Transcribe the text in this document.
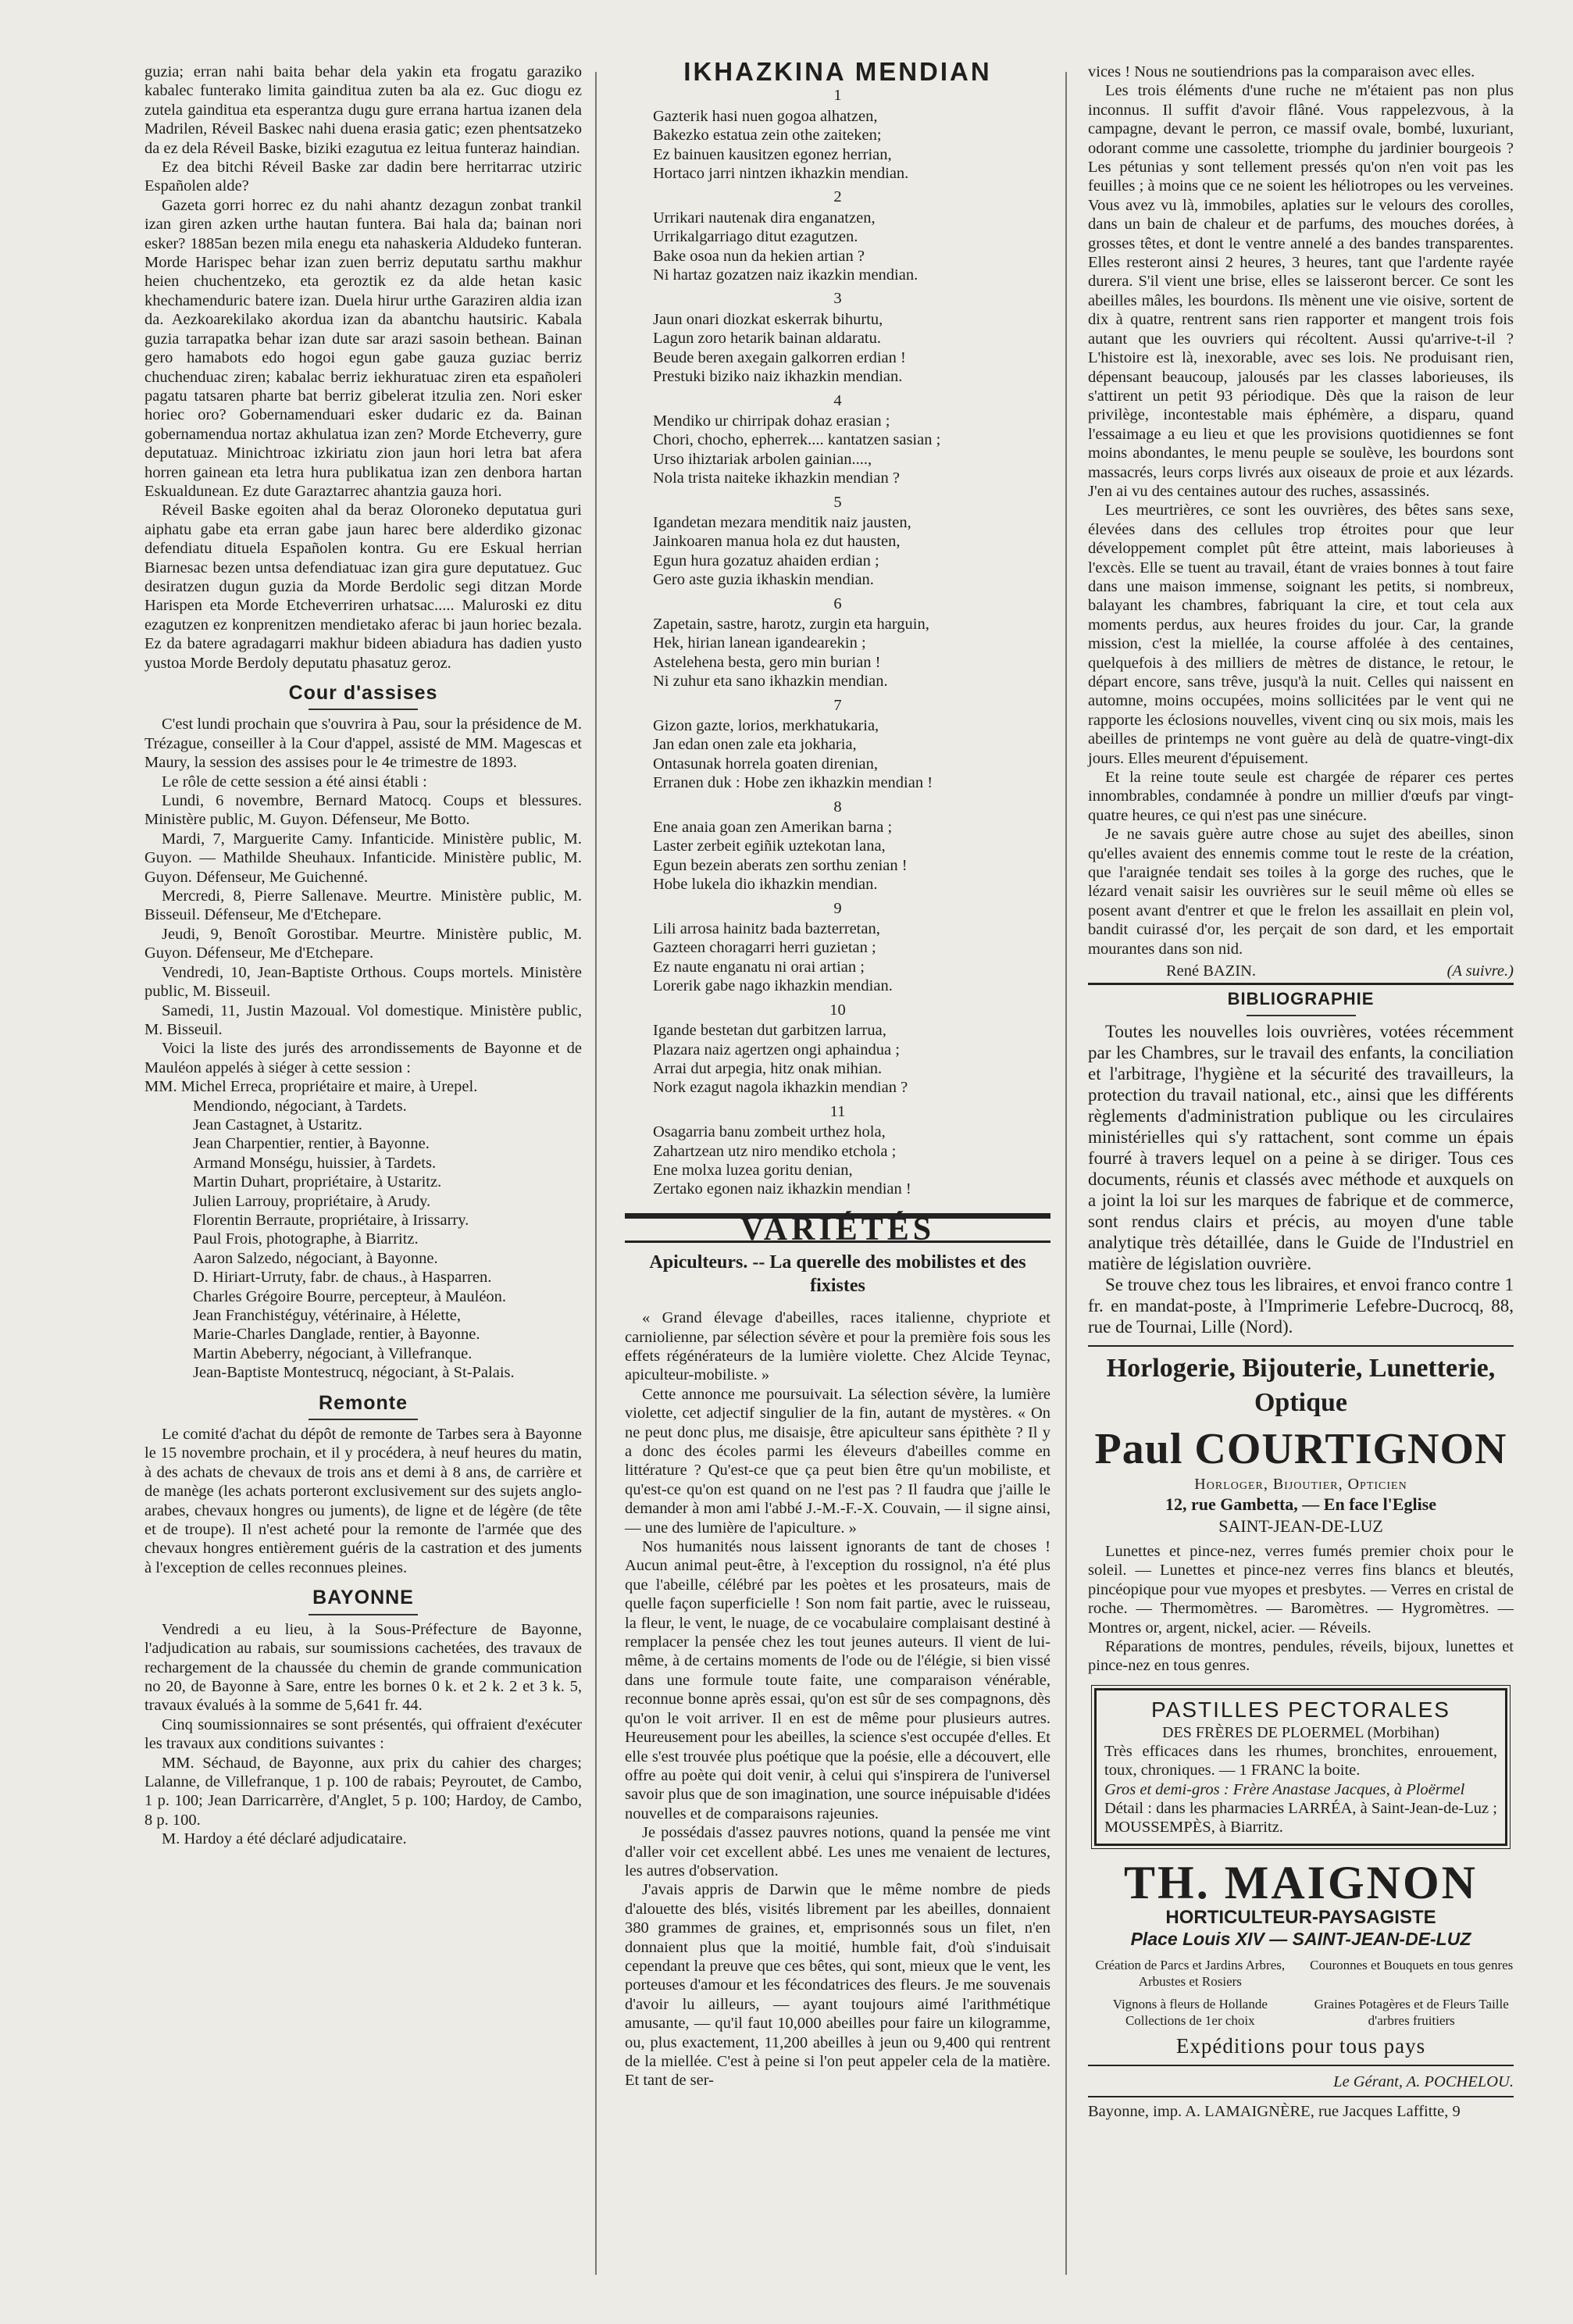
guzia; erran nahi baita behar dela yakin eta frogatu garaziko kabalec funterako limita gainditua zuten ba ala ez. Guc diogu ez zutela gainditua eta esperantza dugu gure errana hartua izanen dela Madrilen, Réveil Baskec nahi duena erasia gatic; ezen phentsatzeko da ez dela Réveil Baske, biziki ezagutua ez leitua funteraz haindian.

Ez dea bitchi Réveil Baske zar dadin bere herritarrac utziric Españolen alde?

Gazeta gorri horrec ez du nahi ahantz dezagun zonbat trankil izan giren azken urthe hautan funtera. Bai hala da; bainan nori esker? 1885an bezen mila enegu eta nahaskeria Aldudeko funteran. Morde Harispec behar izan zuen berriz deputatu sarthu makhur heien chuchentzeko, eta geroztik ez da alde hetan kasic khechamenduric batere izan. Duela hirur urthe Garaziren aldia izan da. Aezkoarekilako akordua izan da abantchu hautsiric. Kabala guzia tarrapatka behar izan dute sar arazi sasoin bethean. Bainan gero hamabots edo hogoi egun gabe gauza guziac berriz chuchenduac ziren; kabalac berriz iekhuratuac ziren eta españoleri pagatu tatsaren pharte bat berriz gibelerat itzulia zen. Nori esker horiec oro? Gobernamenduari esker dudaric ez da. Bainan gobernamendua nortaz akhulatua izan zen? Morde Etcheverry, gure deputatuaz. Minichtroac izkiriatu zion jaun hori letra bat afera horren gainean eta letra hura publikatua izan zen denbora hartan Eskualdunean. Ez dute Garaztarrec ahantzia gauza hori.

Réveil Baske egoiten ahal da beraz Oloroneko deputatua guri aiphatu gabe eta erran gabe jaun harec bere alderdiko gizonac defendiatu dituela Españolen kontra. Gu ere Eskual herrian Biarnesac bezen untsa defendiatuac izan gira gure deputatuez. Guc desiratzen dugun guzia da Morde Berdolic segi ditzan Morde Harispen eta Morde Etcheverriren urhatsac..... Maluroski ez ditu ezagutzen ez konprenitzen mendietako aferac bi jaun horiec bezala. Ez da batere agradagarri makhur bideen abiadura has dadien yusto yustoa Morde Berdoly deputatu phasatuz geroz.

Cour d'assises

C'est lundi prochain que s'ouvrira à Pau, sour la présidence de M. Trézague, conseiller à la Cour d'appel, assisté de MM. Magescas et Maury, la session des assises pour le 4e trimestre de 1893.

Le rôle de cette session a été ainsi établi :

Lundi, 6 novembre, Bernard Matocq. Coups et blessures. Ministère public, M. Guyon. Défenseur, Me Botto.

Mardi, 7, Marguerite Camy. Infanticide. Ministère public, M. Guyon. — Mathilde Sheuhaux. Infanticide. Ministère public, M. Guyon. Défenseur, Me Guichenné.

Mercredi, 8, Pierre Sallenave. Meurtre. Ministère public, M. Bisseuil. Défenseur, Me d'Etchepare.

Jeudi, 9, Benoît Gorostibar. Meurtre. Ministère public, M. Guyon. Défenseur, Me d'Etchepare.

Vendredi, 10, Jean-Baptiste Orthous. Coups mortels. Ministère public, M. Bisseuil.

Samedi, 11, Justin Mazoual. Vol domestique. Ministère public, M. Bisseuil.

Voici la liste des jurés des arrondissements de Bayonne et de Mauléon appelés à siéger à cette session :

MM. Michel Erreca, propriétaire et maire, à Urepel.
Mendiondo, négociant, à Tardets.
Jean Castagnet, à Ustaritz.
Jean Charpentier, rentier, à Bayonne.
Armand Monségu, huissier, à Tardets.
Martin Duhart, propriétaire, à Ustaritz.
Julien Larrouy, propriétaire, à Arudy.
Florentin Berraute, propriétaire, à Irissarry.
Paul Frois, photographe, à Biarritz.
Aaron Salzedo, négociant, à Bayonne.
D. Hiriart-Urruty, fabr. de chaus., à Hasparren.
Charles Grégoire Bourre, percepteur, à Mauléon.
Jean Franchistéguy, vétérinaire, à Hélette,
Marie-Charles Danglade, rentier, à Bayonne.
Martin Abeberry, négociant, à Villefranque.
Jean-Baptiste Montestrucq, négociant, à St-Palais.
Remonte

Le comité d'achat du dépôt de remonte de Tarbes sera à Bayonne le 15 novembre prochain, et il y procédera, à neuf heures du matin, à des achats de chevaux de trois ans et demi à 8 ans, de carrière et de manège (les achats porteront exclusivement sur des sujets anglo-arabes, chevaux hongres ou juments), de ligne et de légère (de tête et de troupe). Il n'est acheté pour la remonte de l'armée que des chevaux hongres entièrement guéris de la castration et des juments à l'exception de celles reconnues pleines.

BAYONNE

Vendredi a eu lieu, à la Sous-Préfecture de Bayonne, l'adjudication au rabais, sur soumissions cachetées, des travaux de rechargement de la chaussée du chemin de grande communication no 20, de Bayonne à Sare, entre les bornes 0 k. et 2 k. 2 et 3 k. 5, travaux évalués à la somme de 5,641 fr. 44.

Cinq soumissionnaires se sont présentés, qui offraient d'exécuter les travaux aux conditions suivantes :

MM. Séchaud, de Bayonne, aux prix du cahier des charges; Lalanne, de Villefranque, 1 p. 100 de rabais; Peyroutet, de Cambo, 1 p. 100; Jean Darricarrère, d'Anglet, 5 p. 100; Hardoy, de Cambo, 8 p. 100.

M. Hardoy a été déclaré adjudicataire.

IKHAZKINA MENDIAN
1

Gazterik hasi nuen gogoa alhatzen,

Bakezko estatua zein othe zaiteken;

Ez bainuen kausitzen egonez herrian,

Hortaco jarri nintzen ikhazkin mendian.

2

Urrikari nautenak dira enganatzen,

Urrikalgarriago ditut ezagutzen.

Bake osoa nun da hekien artian ?

Ni hartaz gozatzen naiz ikazkin mendian.

3

Jaun onari diozkat eskerrak bihurtu,

Lagun zoro hetarik bainan aldaratu.

Beude beren axegain galkorren erdian !

Prestuki biziko naiz ikhazkin mendian.

4

Mendiko ur chirripak dohaz erasian ;

Chori, chocho, epherrek.... kantatzen sasian ;

Urso ihiztariak arbolen gainian....,

Nola trista naiteke ikhazkin mendian ?

5

Igandetan mezara menditik naiz jausten,

Jainkoaren manua hola ez dut hausten,

Egun hura gozatuz ahaiden erdian ;

Gero aste guzia ikhaskin mendian.

6

Zapetain, sastre, harotz, zurgin eta harguin,

Hek, hirian lanean igandearekin ;

Astelehena besta, gero min burian !

Ni zuhur eta sano ikhazkin mendian.

7

Gizon gazte, lorios, merkhatukaria,

Jan edan onen zale eta jokharia,

Ontasunak horrela goaten direnian,

Erranen duk : Hobe zen ikhazkin mendian !

8

Ene anaia goan zen Amerikan barna ;

Laster zerbeit egiñik uztekotan lana,

Egun bezein aberats zen sorthu zenian !

Hobe lukela dio ikhazkin mendian.

9

Lili arrosa hainitz bada bazterretan,

Gazteen choragarri herri guzietan ;

Ez naute enganatu ni orai artian ;

Lorerik gabe nago ikhazkin mendian.

10

Igande bestetan dut garbitzen larrua,

Plazara naiz agertzen ongi aphaindua ;

Arrai dut arpegia, hitz onak mihian.

Nork ezagut nagola ikhazkin mendian ?

11

Osagarria banu zombeit urthez hola,

Zahartzean utz niro mendiko etchola ;

Ene molxa luzea goritu denian,

Zertako egonen naiz ikhazkin mendian !

VARIÉTÉS
Apiculteurs. -- La querelle des mobilistes et des fixistes

« Grand élevage d'abeilles, races italienne, chypriote et carniolienne, par sélection sévère et pour la première fois sous les effets régénérateurs de la lumière violette. Chez Alcide Teynac, apiculteur-mobiliste. »

Cette annonce me poursuivait. La sélection sévère, la lumière violette, cet adjectif singulier de la fin, autant de mystères. « On ne peut donc plus, me disaisje, être apiculteur sans épithète ? Il y a donc des écoles parmi les éleveurs d'abeilles comme en littérature ? Qu'est-ce que ça peut bien être qu'un mobiliste, et qu'est-ce qu'on est quand on ne l'est pas ? Il faudra que j'aille le demander à mon ami l'abbé J.-M.-F.-X. Couvain, — il signe ainsi, — une des lumière de l'apiculture. »

Nos humanités nous laissent ignorants de tant de choses ! Aucun animal peut-être, à l'exception du rossignol, n'a été plus que l'abeille, célébré par les poètes et les prosateurs, mais de quelle façon superficielle ! Son nom fait partie, avec le ruisseau, la fleur, le vent, le nuage, de ce vocabulaire complaisant destiné à remplacer la pensée chez les tout jeunes auteurs. Il vient de lui-même, à de certains moments de l'ode ou de l'élégie, si bien vissé dans une formule toute faite, une comparaison vénérable, reconnue bonne après essai, qu'on est sûr de ses compagnons, dès qu'on le voit arriver. Il en est de même pour plusieurs autres. Heureusement pour les abeilles, la science s'est occupée d'elles. Et elle s'est trouvée plus poétique que la poésie, elle a découvert, elle offre au poète qui doit venir, à celui qui s'inspirera de l'universel savoir plus que de son imagination, une source inépuisable d'idées nouvelles et de comparaisons rajeunies.

Je possédais d'assez pauvres notions, quand la pensée me vint d'aller voir cet excellent abbé. Les unes me venaient de lectures, les autres d'observation.

J'avais appris de Darwin que le même nombre de pieds d'alouette des blés, visités librement par les abeilles, donnaient 380 grammes de graines, et, emprisonnés sous un filet, n'en donnaient plus que la moitié, humble fait, d'où s'induisait cependant la preuve que ces bêtes, qui sont, mieux que le vent, les porteuses d'amour et les fécondatrices des fleurs. Je me souvenais d'avoir lu ailleurs, — ayant toujours aimé l'arithmétique amusante, — qu'il faut 10,000 abeilles pour faire un kilogramme, ou, plus exactement, 11,200 abeilles à jeun ou 9,400 qui rentrent de la miellée. C'est à peine si l'on peut appeler cela de la matière. Et tant de ser-

vices ! Nous ne soutiendrions pas la comparaison avec elles.

Les trois éléments d'une ruche ne m'étaient pas non plus inconnus. Il suffit d'avoir flâné. Vous rappelezvous, à la campagne, devant le perron, ce massif ovale, bombé, luxuriant, odorant comme une cassolette, triomphe du jardinier bourgeois ? Les pétunias y sont tellement pressés qu'on n'en voit pas les feuilles ; à moins que ce ne soient les héliotropes ou les verveines. Vous avez vu là, immobiles, aplaties sur le velours des corolles, dans un bain de chaleur et de parfums, des mouches dorées, à grosses têtes, et dont le ventre annelé a des bandes transparentes. Elles resteront ainsi 2 heures, 3 heures, tant que l'ardente rayée durera. S'il vient une brise, elles se laisseront bercer. Ce sont les abeilles mâles, les bourdons. Ils mènent une vie oisive, sortent de dix à quatre, rentrent sans rien rapporter et mangent trois fois autant que les ouvriers qui récoltent. Aussi qu'arrive-t-il ? L'histoire est là, inexorable, avec ses lois. Ne produisant rien, dépensant beaucoup, jalousés par les classes laborieuses, ils s'attirent un petit 93 périodique. Dès que la raison de leur privilège, incontestable mais éphémère, a disparu, quand l'essaimage a eu lieu et que les provisions quotidiennes se font moins abondantes, le menu peuple se soulève, les bourdons sont massacrés, leurs corps livrés aux oiseaux de proie et aux lézards. J'en ai vu des centaines autour des ruches, assassinés.

Les meurtrières, ce sont les ouvrières, des bêtes sans sexe, élevées dans des cellules trop étroites pour que leur développement complet pût être atteint, mais laborieuses à l'excès. Elle se tuent au travail, étant de vraies bonnes à tout faire dans une maison immense, soignant les petits, si nombreux, balayant les chambres, fabriquant la cire, et tout cela aux moments perdus, aux heures froides du jour. Car, la grande mission, c'est la miellée, la course affolée à des centaines, quelquefois à des milliers de mètres de distance, le retour, le départ encore, sans trêve, jusqu'à la nuit. Celles qui naissent en automne, moins occupées, moins sollicitées par le vent qui ne rapporte les éclosions nouvelles, vivent cinq ou six mois, mais les abeilles de printemps ne vont guère au delà de quatre-vingt-dix jours. Elles meurent d'épuisement.

Et la reine toute seule est chargée de réparer ces pertes innombrables, condamnée à pondre un millier d'œufs par vingt-quatre heures, ce qui n'est pas une sinécure.

Je ne savais guère autre chose au sujet des abeilles, sinon qu'elles avaient des ennemis comme tout le reste de la création, que l'araignée tendait ses toiles à la gorge des ruches, que le lézard venait saisir les ouvrières sur le seuil même où elles se posent avant d'entrer et que le frelon les assaillait en plein vol, bandit cuirassé d'or, les perçait de son dard, et les emportait mourantes dans son nid.

René BAZIN.	(A suivre.)
BIBLIOGRAPHIE

Toutes les nouvelles lois ouvrières, votées récemment par les Chambres, sur le travail des enfants, la conciliation et l'arbitrage, l'hygiène et la sécurité des travailleurs, la protection du travail national, etc., ainsi que les différents règlements d'administration publique ou les circulaires ministérielles qui s'y rattachent, sont comme un épais fourré à travers lequel on a peine à se diriger. Tous ces documents, réunis et classés avec méthode et auxquels on a joint la loi sur les marques de fabrique et de commerce, sont rendus clairs et précis, au moyen d'une table analytique très détaillée, dans le Guide de l'Industriel en matière de législation ouvrière.

Se trouve chez tous les libraires, et envoi franco contre 1 fr. en mandat-poste, à l'Imprimerie Lefebre-Ducrocq, 88, rue de Tournai, Lille (Nord).

Horlogerie, Bijouterie, Lunetterie, Optique
Paul COURTIGNON
Horloger, Bijoutier, Opticien
12, rue Gambetta, — En face l'Eglise
SAINT-JEAN-DE-LUZ

Lunettes et pince-nez, verres fumés premier choix pour le soleil. — Lunettes et pince-nez verres fins blancs et bleutés, pincéopique pour vue myopes et presbytes. — Verres en cristal de roche. — Thermomètres. — Baromètres. — Hygromètres. — Montres or, argent, nickel, acier. — Réveils.

Réparations de montres, pendules, réveils, bijoux, lunettes et pince-nez en tous genres.

PASTILLES PECTORALES
DES FRÈRES DE PLOERMEL (Morbihan)

Très efficaces dans les rhumes, bronchites, enrouement, toux, chroniques. — 1 FRANC la boite.

Gros et demi-gros : Frère Anastase Jacques, à Ploërmel

Détail : dans les pharmacies LARRÉA, à Saint-Jean-de-Luz ; MOUSSEMPÈS, à Biarritz.

TH. MAIGNON
HORTICULTEUR-PAYSAGISTE
Place Louis XIV — SAINT-JEAN-DE-LUZ
Création de Parcs et Jardins Arbres, Arbustes et Rosiers
Couronnes et Bouquets en tous genres
Vignons à fleurs de Hollande Collections de 1er choix
Graines Potagères et de Fleurs Taille d'arbres fruitiers
Expéditions pour tous pays
Le Gérant, A. POCHELOU.
Bayonne, imp. A. LAMAIGNÈRE, rue Jacques Laffitte, 9
